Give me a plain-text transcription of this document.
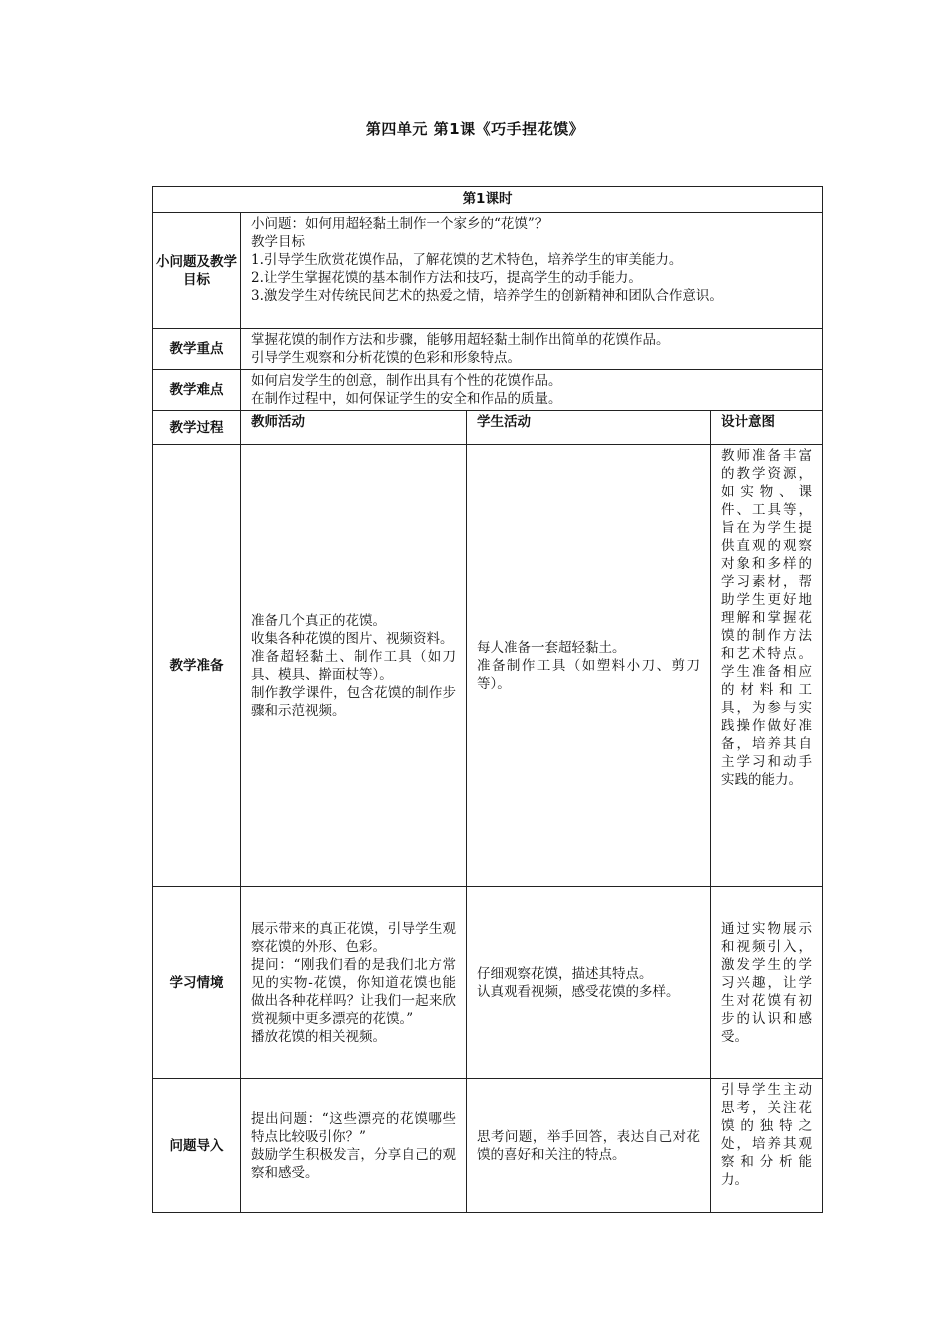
第四单元 第1课《巧手捏花馍》
第1课时			
小问题及教学目标	小问题：如何用超轻黏土制作一个家乡的“花馍”？
教学目标
1.引导学生欣赏花馍作品，了解花馍的艺术特色，培养学生的审美能力。
2.让学生掌握花馍的基本制作方法和技巧，提高学生的动手能力。
3.激发学生对传统民间艺术的热爱之情，培养学生的创新精神和团队合作意识。		

教学重点	掌握花馍的制作方法和步骤，能够用超轻黏土制作出简单的花馍作品。
引导学生观察和分析花馍的色彩和形象特点。		

教学难点	如何启发学生的创意，制作出具有个性的花馍作品。
在制作过程中，如何保证学生的安全和作品的质量。		

教学过程	教师活动	学生活动	设计意图
教学准备	准备几个真正的花馍。
收集各种花馍的图片、视频资料。
准备超轻黏土、制作工具（如刀具、模具、擀面杖等）。
制作教学课件，包含花馍的制作步骤和示范视频。	每人准备一套超轻黏土。
准备制作工具（如塑料小刀、剪刀等）。	教师准备丰富的教学资源，如实物、课件、工具等，旨在为学生提供直观的观察对象和多样的学习素材，帮助学生更好地理解和掌握花馍的制作方法和艺术特点。学生准备相应的材料和工具，为参与实践操作做好准备，培养其自主学习和动手实践的能力。
学习情境	展示带来的真正花馍，引导学生观察花馍的外形、色彩。
提问：“刚我们看的是我们北方常见的实物-花馍，你知道花馍也能做出各种花样吗？让我们一起来欣赏视频中更多漂亮的花馍。”
播放花馍的相关视频。	仔细观察花馍，描述其特点。
认真观看视频，感受花馍的多样。	通过实物展示和视频引入，激发学生的学习兴趣，让学生对花馍有初步的认识和感受。
问题导入	提出问题：“这些漂亮的花馍哪些特点比较吸引你？”
鼓励学生积极发言，分享自己的观察和感受。	思考问题，举手回答，表达自己对花馍的喜好和关注的特点。	引导学生主动思考，关注花馍的独特之处，培养其观察和分析能力。
